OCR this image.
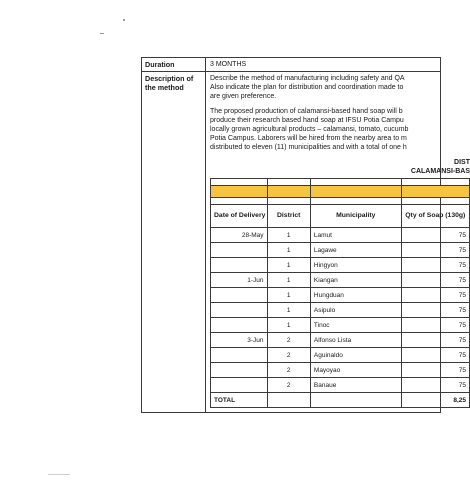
Duration	3 MONTHS
Description of the method	

Describe the method of manufacturing including safety and QA
Also indicate the plan for distribution and coordination made to
are given preference.

The proposed production of calamansi-based hand soap will b
produce their research based hand soap at IFSU Potia Campu
locally grown agricultural products – calamansi, tomato, cucumb
Potia Campus. Laborers will be hired from the nearby area to m
distributed to eleven (11) municipalities and with a total of one h

DIST
CALAMANSI-BAS

Date of Delivery	District	Municipality	Qty of Soap (130g)
28-May	1	Lamut	75
	1	Lagawe	75
	1	Hingyon	75
1-Jun	1	Kiangan	75
	1	Hungduan	75
	1	Asipulo	75
	1	Tinoc	75
3-Jun	2	Alfonso Lista	75
	2	Aguinaldo	75
	2	Mayoyao	75
	2	Banaue	75
TOTAL			8,25
